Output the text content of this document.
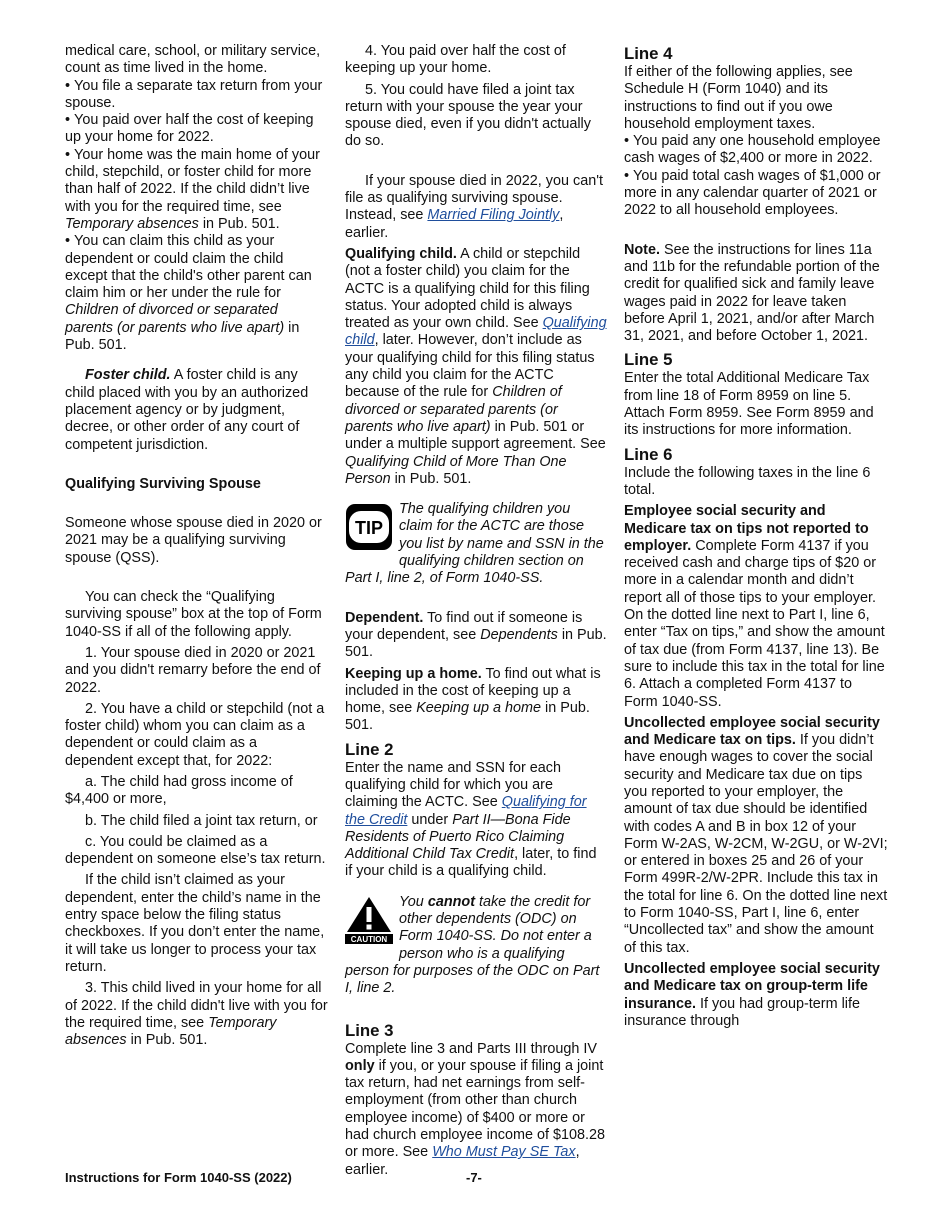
medical care, school, or military service, count as time lived in the home.

• You file a separate tax return from your spouse.

• You paid over half the cost of keeping up your home for 2022.

• Your home was the main home of your child, stepchild, or foster child for more than half of 2022. If the child didn’t live with you for the required time, see Temporary absences in Pub. 501.

• You can claim this child as your dependent or could claim the child except that the child's other parent can claim him or her under the rule for Children of divorced or separated parents (or parents who live apart) in Pub. 501.

Foster child. A foster child is any child placed with you by an authorized placement agency or by judgment, decree, or other order of any court of competent jurisdiction.

Qualifying Surviving Spouse

Someone whose spouse died in 2020 or 2021 may be a qualifying surviving spouse (QSS).

You can check the “Qualifying surviving spouse” box at the top of Form 1040-SS if all of the following apply.

1. Your spouse died in 2020 or 2021 and you didn't remarry before the end of 2022.

2. You have a child or stepchild (not a foster child) whom you can claim as a dependent or could claim as a dependent except that, for 2022:

a. The child had gross income of $4,400 or more,

b. The child filed a joint tax return, or

c. You could be claimed as a dependent on someone else’s tax return.

If the child isn’t claimed as your dependent, enter the child’s name in the entry space below the filing status checkboxes. If you don’t enter the name, it will take us longer to process your tax return.

3. This child lived in your home for all of 2022. If the child didn't live with you for the required time, see Temporary absences in Pub. 501.

4. You paid over half the cost of keeping up your home.

5. You could have filed a joint tax return with your spouse the year your spouse died, even if you didn't actually do so.

If your spouse died in 2022, you can't file as qualifying surviving spouse. Instead, see Married Filing Jointly, earlier.

Qualifying child. A child or stepchild (not a foster child) you claim for the ACTC is a qualifying child for this filing status. Your adopted child is always treated as your own child. See Qualifying child, later. However, don’t include as your qualifying child for this filing status any child you claim for the ACTC because of the rule for Children of divorced or separated parents (or parents who live apart) in Pub. 501 or under a multiple support agreement. See Qualifying Child of More Than One Person in Pub. 501.

TIP
The qualifying children you claim for the ACTC are those you list by name and SSN in the qualifying children section on Part I, line 2, of Form 1040-SS.

Dependent. To find out if someone is your dependent, see Dependents in Pub. 501.

Keeping up a home. To find out what is included in the cost of keeping up a home, see Keeping up a home in Pub. 501.

Line 2

Enter the name and SSN for each qualifying child for which you are claiming the ACTC. See Qualifying for the Credit under Part II—Bona Fide Residents of Puerto Rico Claiming Additional Child Tax Credit, later, to find if your child is a qualifying child.

CAUTION
You cannot take the credit for other dependents (ODC) on Form 1040-SS. Do not enter a person who is a qualifying person for purposes of the ODC on Part I, line 2.
Line 3

Complete line 3 and Parts III through IV only if you, or your spouse if filing a joint tax return, had net earnings from self-employment (from other than church employee income) of $400 or more or had church employee income of $108.28 or more. See Who Must Pay SE Tax, earlier.

Line 4

If either of the following applies, see Schedule H (Form 1040) and its instructions to find out if you owe household employment taxes.

• You paid any one household employee cash wages of $2,400 or more in 2022.

• You paid total cash wages of $1,000 or more in any calendar quarter of 2021 or 2022 to all household employees.

Note. See the instructions for lines 11a and 11b for the refundable portion of the credit for qualified sick and family leave wages paid in 2022 for leave taken before April 1, 2021, and/or after March 31, 2021, and before October 1, 2021.

Line 5

Enter the total Additional Medicare Tax from line 18 of Form 8959 on line 5. Attach Form 8959. See Form 8959 and its instructions for more information.

Line 6

Include the following taxes in the line 6 total.

Employee social security and Medicare tax on tips not reported to employer. Complete Form 4137 if you received cash and charge tips of $20 or more in a calendar month and didn’t report all of those tips to your employer. On the dotted line next to Part I, line 6, enter “Tax on tips,” and show the amount of tax due (from Form 4137, line 13). Be sure to include this tax in the total for line 6. Attach a completed Form 4137 to Form 1040-SS.

Uncollected employee social security and Medicare tax on tips. If you didn’t have enough wages to cover the social security and Medicare tax due on tips you reported to your employer, the amount of tax due should be identified with codes A and B in box 12 of your Form W-2AS, W-2CM, W-2GU, or W-2VI; or entered in boxes 25 and 26 of your Form 499R-2/W-2PR. Include this tax in the total for line 6. On the dotted line next to Form 1040-SS, Part I, line 6, enter “Uncollected tax” and show the amount of this tax.

Uncollected employee social security and Medicare tax on group-term life insurance. If you had group-term life insurance through

Instructions for Form 1040-SS (2022)	-7-
